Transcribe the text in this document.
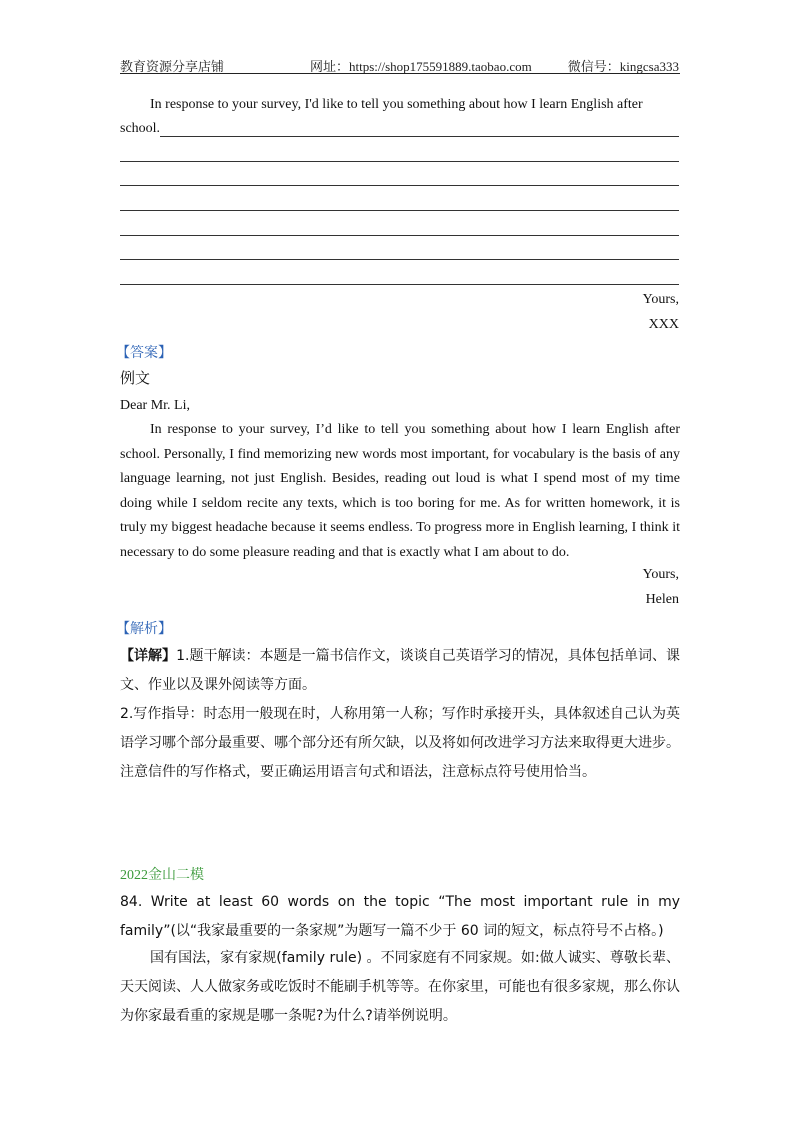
教育资源分享店铺	网址：https://shop175591889.taobao.com	微信号：kingcsa333
In response to your survey, I'd like to tell you something about how I learn English after
school.
Yours,
XXX
【答案】
例文
Dear Mr. Li,
In response to your survey, I’d like to tell you something about how I learn English after school. Personally, I find memorizing new words most important, for vocabulary is the basis of any language learning, not just English. Besides, reading out loud is what I spend most of my time doing while I seldom recite any texts, which is too boring for me. As for written homework, it is truly my biggest headache because it seems endless. To progress more in English learning, I think it necessary to do some pleasure reading and that is exactly what I am about to do.
Yours,
Helen
【解析】
【详解】1.题干解读：本题是一篇书信作文，谈谈自己英语学习的情况，具体包括单词、课文、作业以及课外阅读等方面。
2.写作指导：时态用一般现在时，人称用第一人称；写作时承接开头，具体叙述自己认为英语学习哪个部分最重要、哪个部分还有所欠缺，以及将如何改进学习方法来取得更大进步。注意信件的写作格式，要正确运用语言句式和语法，注意标点符号使用恰当。
2022金山二模
84. Write at least 60 words on the topic “The most important rule in my family”(以“我家最重要的一条家规”为题写一篇不少于 60 词的短文，标点符号不占格。)
国有国法，家有家规(family rule) 。不同家庭有不同家规。如:做人诚实、尊敬长辈、天天阅读、人人做家务或吃饭时不能刷手机等等。在你家里，可能也有很多家规，那么你认为你家最看重的家规是哪一条呢?为什么?请举例说明。
